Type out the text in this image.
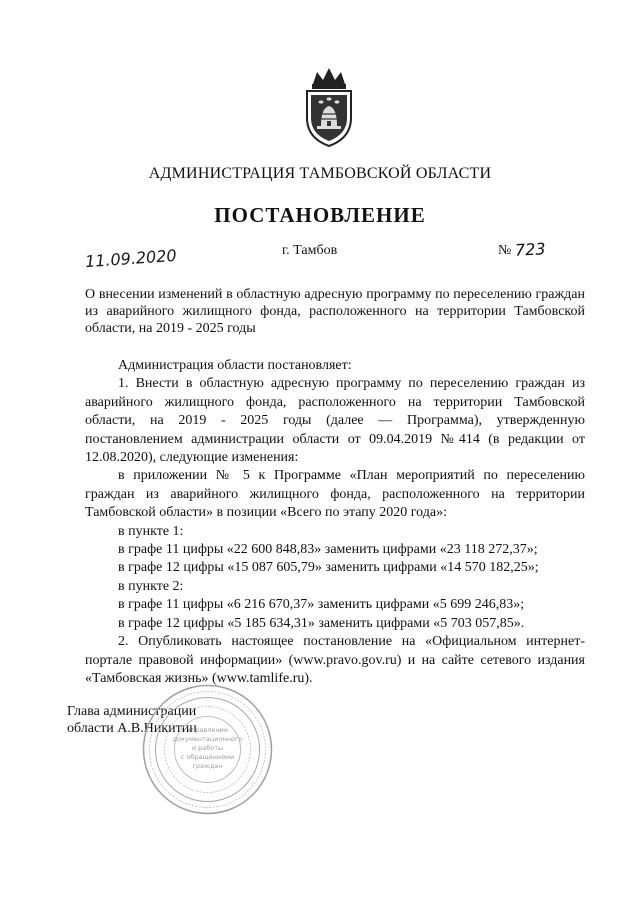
АДМИНИСТРАЦИЯ ТАМБОВСКОЙ ОБЛАСТИ
ПОСТАНОВЛЕНИЕ
11.09.2020	г. Тамбов	№ 723
О внесении изменений в областную адресную программу по переселению граждан из аварийного жилищного фонда, расположенного на территории Тамбовской области, на 2019 - 2025 годы

Администрация области постановляет:

1. Внести в областную адресную программу по переселению граждан из аварийного жилищного фонда, расположенного на территории Тамбовской области, на 2019 - 2025 годы (далее — Программа), утвержденную постановлением администрации области от 09.04.2019 №414 (в редакции от 12.08.2020), следующие изменения:

в приложении № 5 к Программе «План мероприятий по переселению граждан из аварийного жилищного фонда, расположенного на территории Тамбовской области» в позиции «Всего по этапу 2020 года»:

в пункте 1:

в графе 11 цифры «22 600 848,83» заменить цифрами «23 118 272,37»;

в графе 12 цифры «15 087 605,79» заменить цифрами «14 570 182,25»;

в пункте 2:

в графе 11 цифры «6 216 670,37» заменить цифрами «5 699 246,83»;

в графе 12 цифры «5 185 634,31» заменить цифрами «5 703 057,85».

2. Опубликовать настоящее постановление на «Официальном интернет-портале правовой информации» (www.pravo.gov.ru) и на сайте сетевого издания «Тамбовская жизнь» (www.tamlife.ru).

Глава администрации
области А.В.Никитин
Управление
документационного
и работы
с обращениями
граждан
